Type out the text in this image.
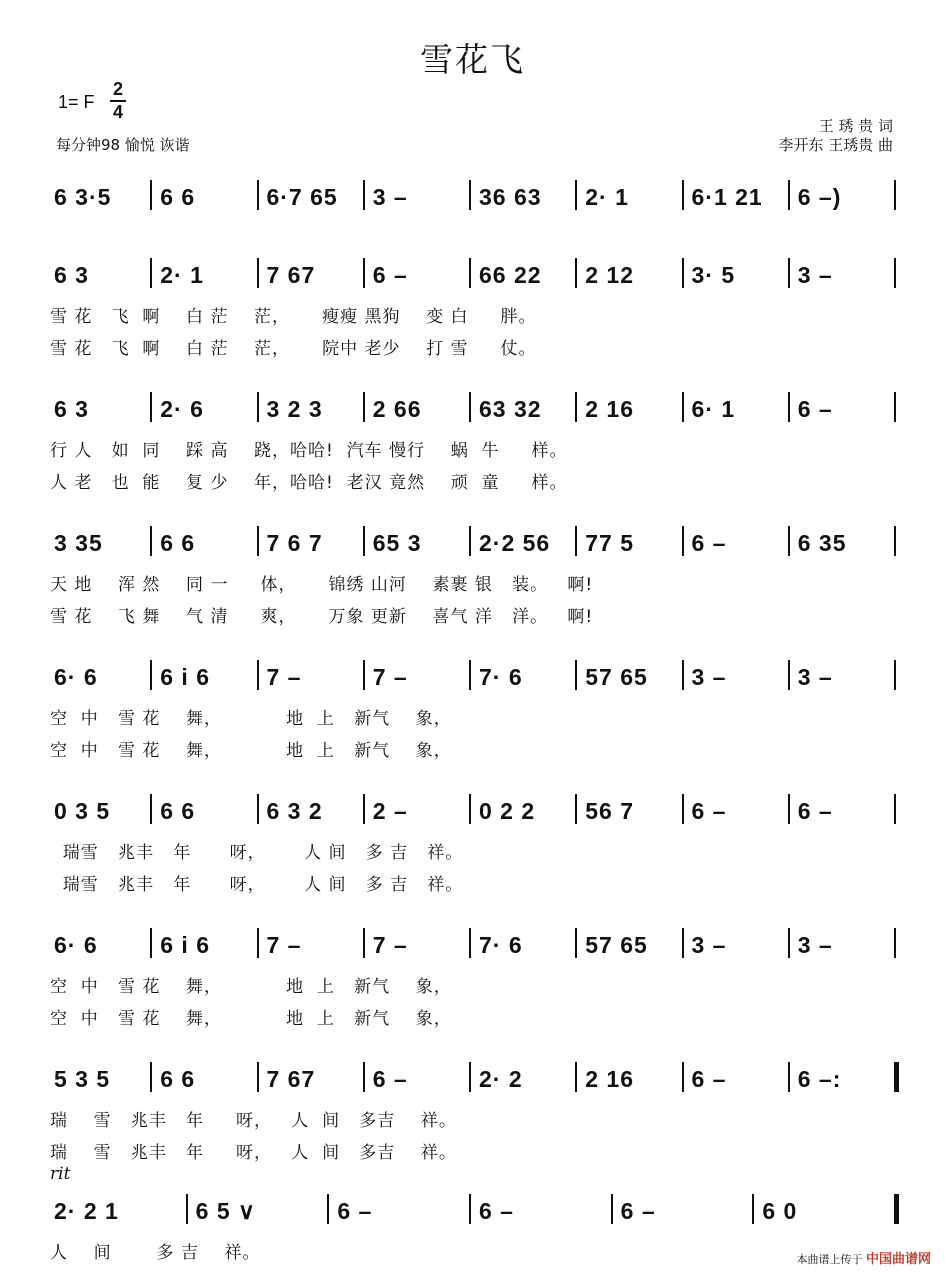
雪花飞
1= F
2
4
每分钟98 愉悦 诙谐
王 琇 贵 词
李开东 王琇贵 曲
rit
6 3·5 6 6	6·7 65 3 –	36 63 2· 1	6·1 21 6 –)
6 3	2· 1	7 67 6 –	66 22 2 12 3· 5	3 –
雪 花   飞  啊    白 茫    茫，     瘦瘦 黑狗    变 白     胖。
雪 花   飞  啊    白 茫    茫，     院中 老少    打 雪     仗。
6 3	2· 6	3 2 3 2 66 63 32 2 16 6· 1	6 –
行 人   如  同    踩 高    跷，哈哈!  汽车 慢行    蜗  牛     样。
人 老   也  能    复 少    年，哈哈!  老汉 竟然    顽  童     样。
3 35 6 6	7 6 7 65 3 2·2 56 77 5 6 –	6 35
天 地    浑 然    同 一     体，     锦绣 山河    素裹 银   装。   啊!
雪 花    飞 舞    气 清     爽，     万象 更新    喜气 洋   洋。   啊!
6· 6	6 i 6 7 –	7 –	7· 6	57 65 3 –	3 –
空  中   雪 花    舞，          地  上   新气    象，
空  中   雪 花    舞，          地  上   新气    象，
0 3 5 6 6	6 3 2 2 –	0 2 2 56 7 6 –	6 –
瑞雪   兆丰   年      呀，      人 间   多 吉   祥。
瑞雪   兆丰   年      呀，      人 间   多 吉   祥。
6· 6	6 i 6 7 –	7 –	7· 6	57 65 3 –	3 –
空  中   雪 花    舞，          地  上   新气    象，
空  中   雪 花    舞，          地  上   新气    象，
5 3 5 6 6	7 67 6 –	2· 2	2 16 6 –	6 –:
瑞    雪   兆丰   年     呀，   人  间   多吉    祥。
瑞    雪   兆丰   年     呀，   人  间   多吉    祥。
2· 2 1	6 5 ∨	6 –	6 –	6 –	6 0
人    间       多 吉    祥。	本曲谱上传于 中国曲谱网
